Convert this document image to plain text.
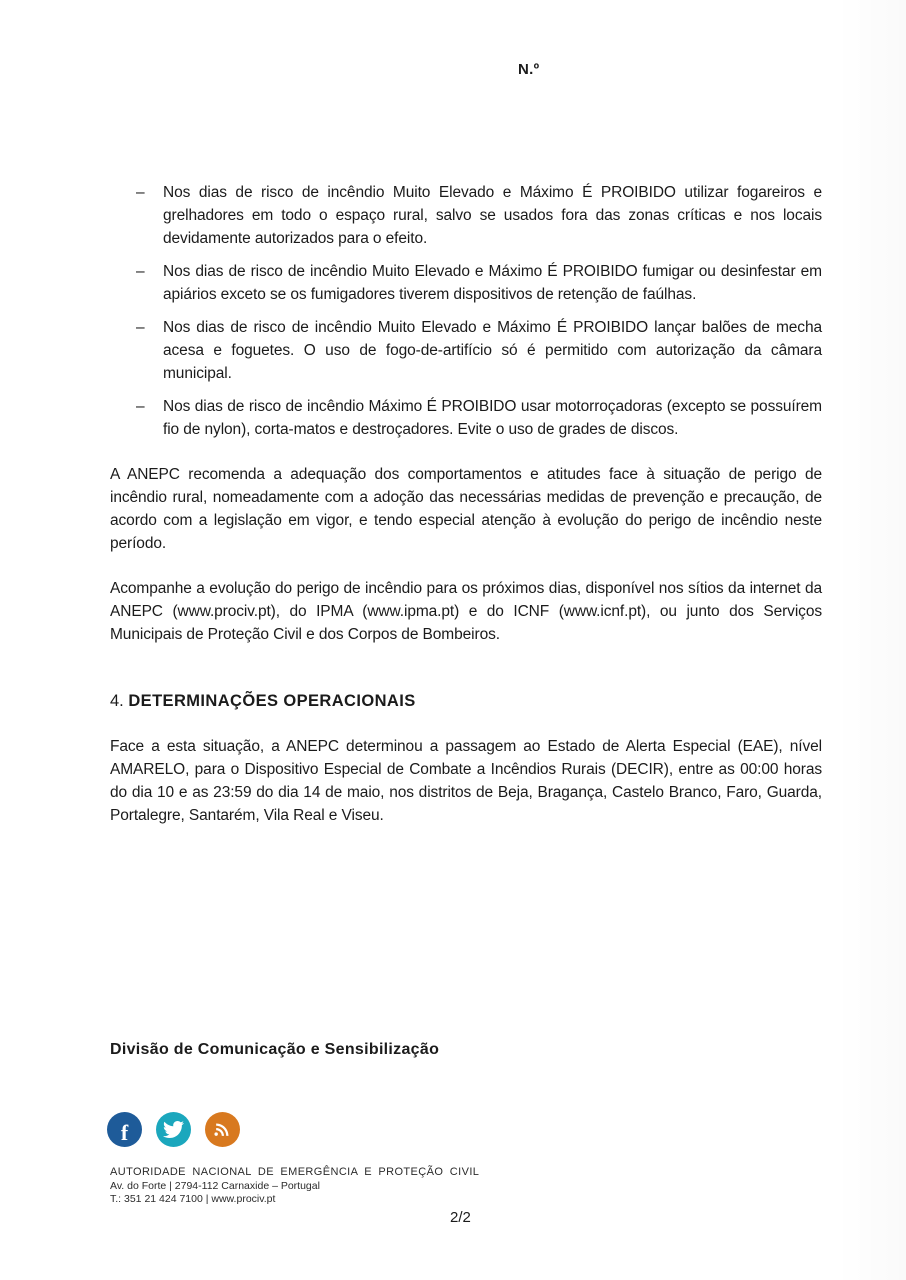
N.º
– Nos dias de risco de incêndio Muito Elevado e Máximo É PROIBIDO utilizar fogareiros e grelhadores em todo o espaço rural, salvo se usados fora das zonas críticas e nos locais devidamente autorizados para o efeito.

– Nos dias de risco de incêndio Muito Elevado e Máximo É PROIBIDO fumigar ou desinfestar em apiários exceto se os fumigadores tiverem dispositivos de retenção de faúlhas.

– Nos dias de risco de incêndio Muito Elevado e Máximo É PROIBIDO lançar balões de mecha acesa e foguetes. O uso de fogo-de-artifício só é permitido com autorização da câmara municipal.

– Nos dias de risco de incêndio Máximo É PROIBIDO usar motorroçadoras (excepto se possuírem fio de nylon), corta-matos e destroçadores. Evite o uso de grades de discos.

A ANEPC recomenda a adequação dos comportamentos e atitudes face à situação de perigo de incêndio rural, nomeadamente com a adoção das necessárias medidas de prevenção e precaução, de acordo com a legislação em vigor, e tendo especial atenção à evolução do perigo de incêndio neste período.

Acompanhe a evolução do perigo de incêndio para os próximos dias, disponível nos sítios da internet da ANEPC (www.prociv.pt), do IPMA (www.ipma.pt) e do ICNF (www.icnf.pt), ou junto dos Serviços Municipais de Proteção Civil e dos Corpos de Bombeiros.

4. DETERMINAÇÕES OPERACIONAIS

Face a esta situação, a ANEPC determinou a passagem ao Estado de Alerta Especial (EAE), nível AMARELO, para o Dispositivo Especial de Combate a Incêndios Rurais (DECIR), entre as 00:00 horas do dia 10 e as 23:59 do dia 14 de maio, nos distritos de Beja, Bragança, Castelo Branco, Faro, Guarda, Portalegre, Santarém, Vila Real e Viseu.

Divisão de Comunicação e Sensibilização
f
AUTORIDADE NACIONAL DE EMERGÊNCIA E PROTEÇÃO CIVIL
Av. do Forte | 2794-112 Carnaxide – Portugal
T.: 351 21 424 7100 | www.prociv.pt
2/2
